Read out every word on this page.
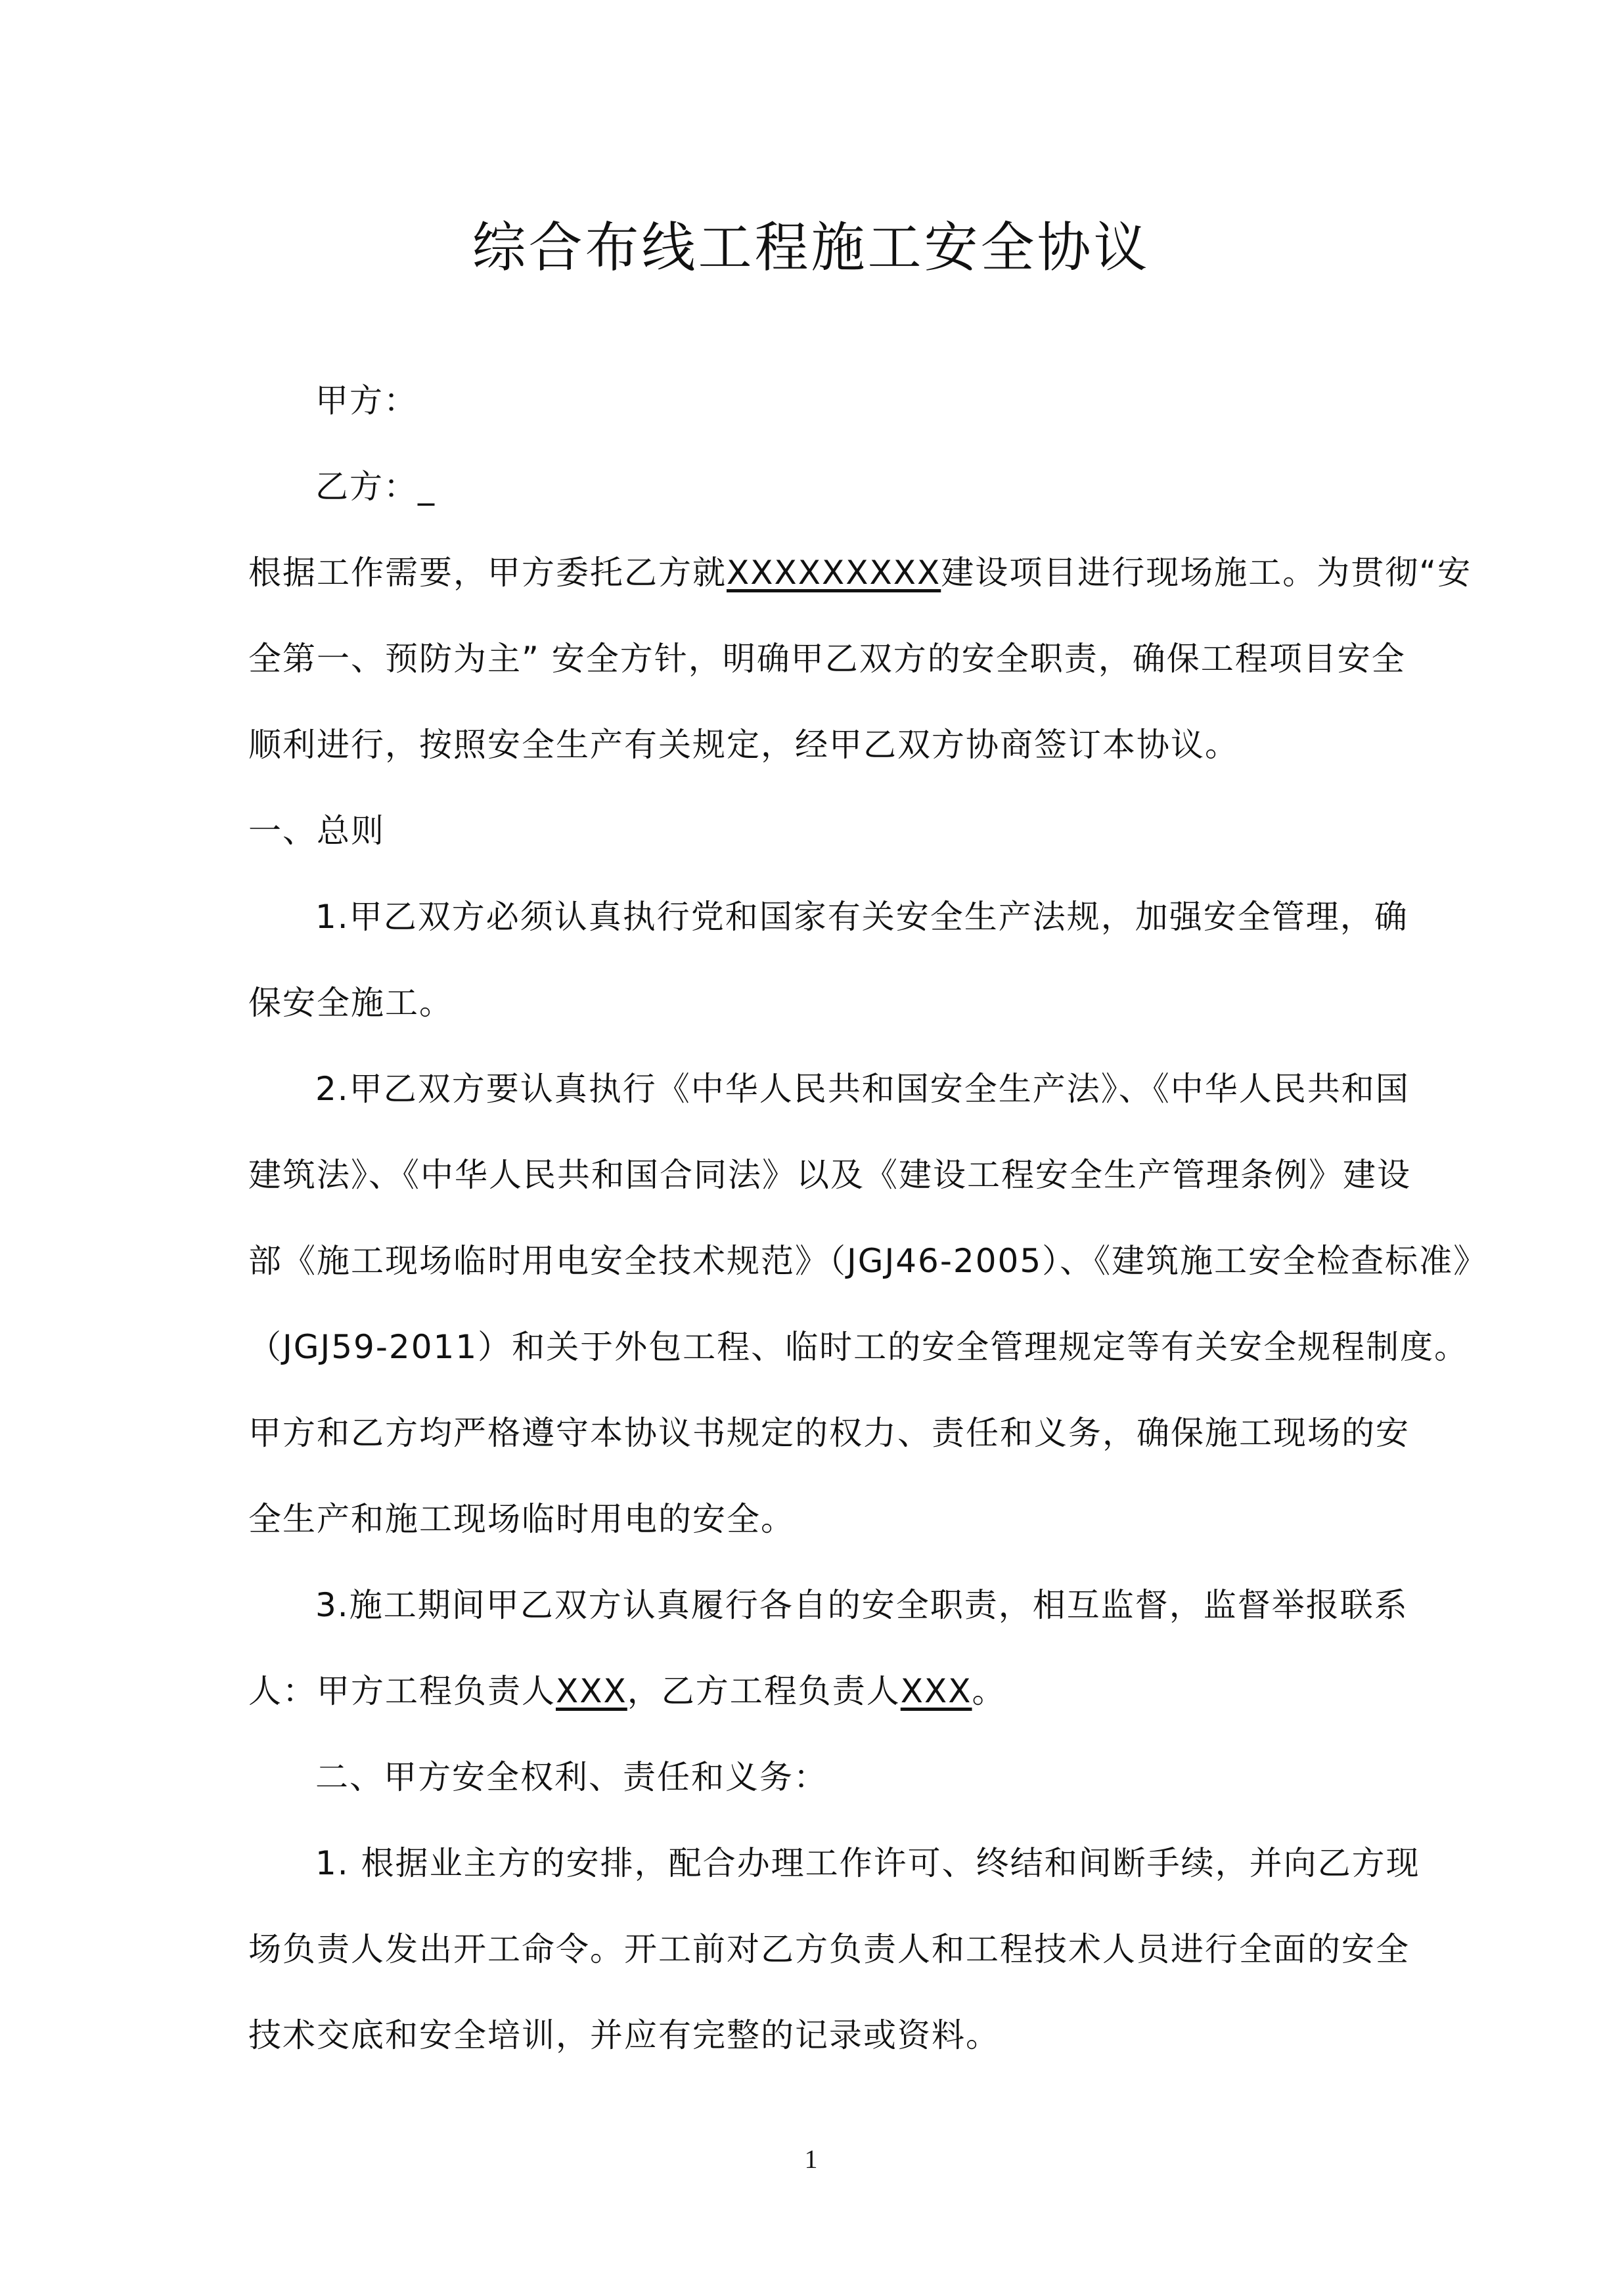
综合布线工程施工安全协议
甲方：
乙方：_
根据工作需要，甲方委托乙方就XXXXXXXXX建设项目进行现场施工。为贯彻“安
全第一、预防为主” 安全方针，明确甲乙双方的安全职责，确保工程项目安全
顺利进行，按照安全生产有关规定，经甲乙双方协商签订本协议。
一、总则
1.甲乙双方必须认真执行党和国家有关安全生产法规，加强安全管理，确
保安全施工。
2.甲乙双方要认真执行《中华人民共和国安全生产法》、《中华人民共和国
建筑法》、《中华人民共和国合同法》以及《建设工程安全生产管理条例》建设
部《施工现场临时用电安全技术规范》（JGJ46-2005）、《建筑施工安全检查标准》
（JGJ59-2011）和关于外包工程、临时工的安全管理规定等有关安全规程制度。
甲方和乙方均严格遵守本协议书规定的权力、责任和义务，确保施工现场的安
全生产和施工现场临时用电的安全。
3.施工期间甲乙双方认真履行各自的安全职责，相互监督，监督举报联系
人：甲方工程负责人XXX，乙方工程负责人XXX。
二、甲方安全权利、责任和义务：
1. 根据业主方的安排，配合办理工作许可、终结和间断手续，并向乙方现
场负责人发出开工命令。开工前对乙方负责人和工程技术人员进行全面的安全
技术交底和安全培训，并应有完整的记录或资料。
1
